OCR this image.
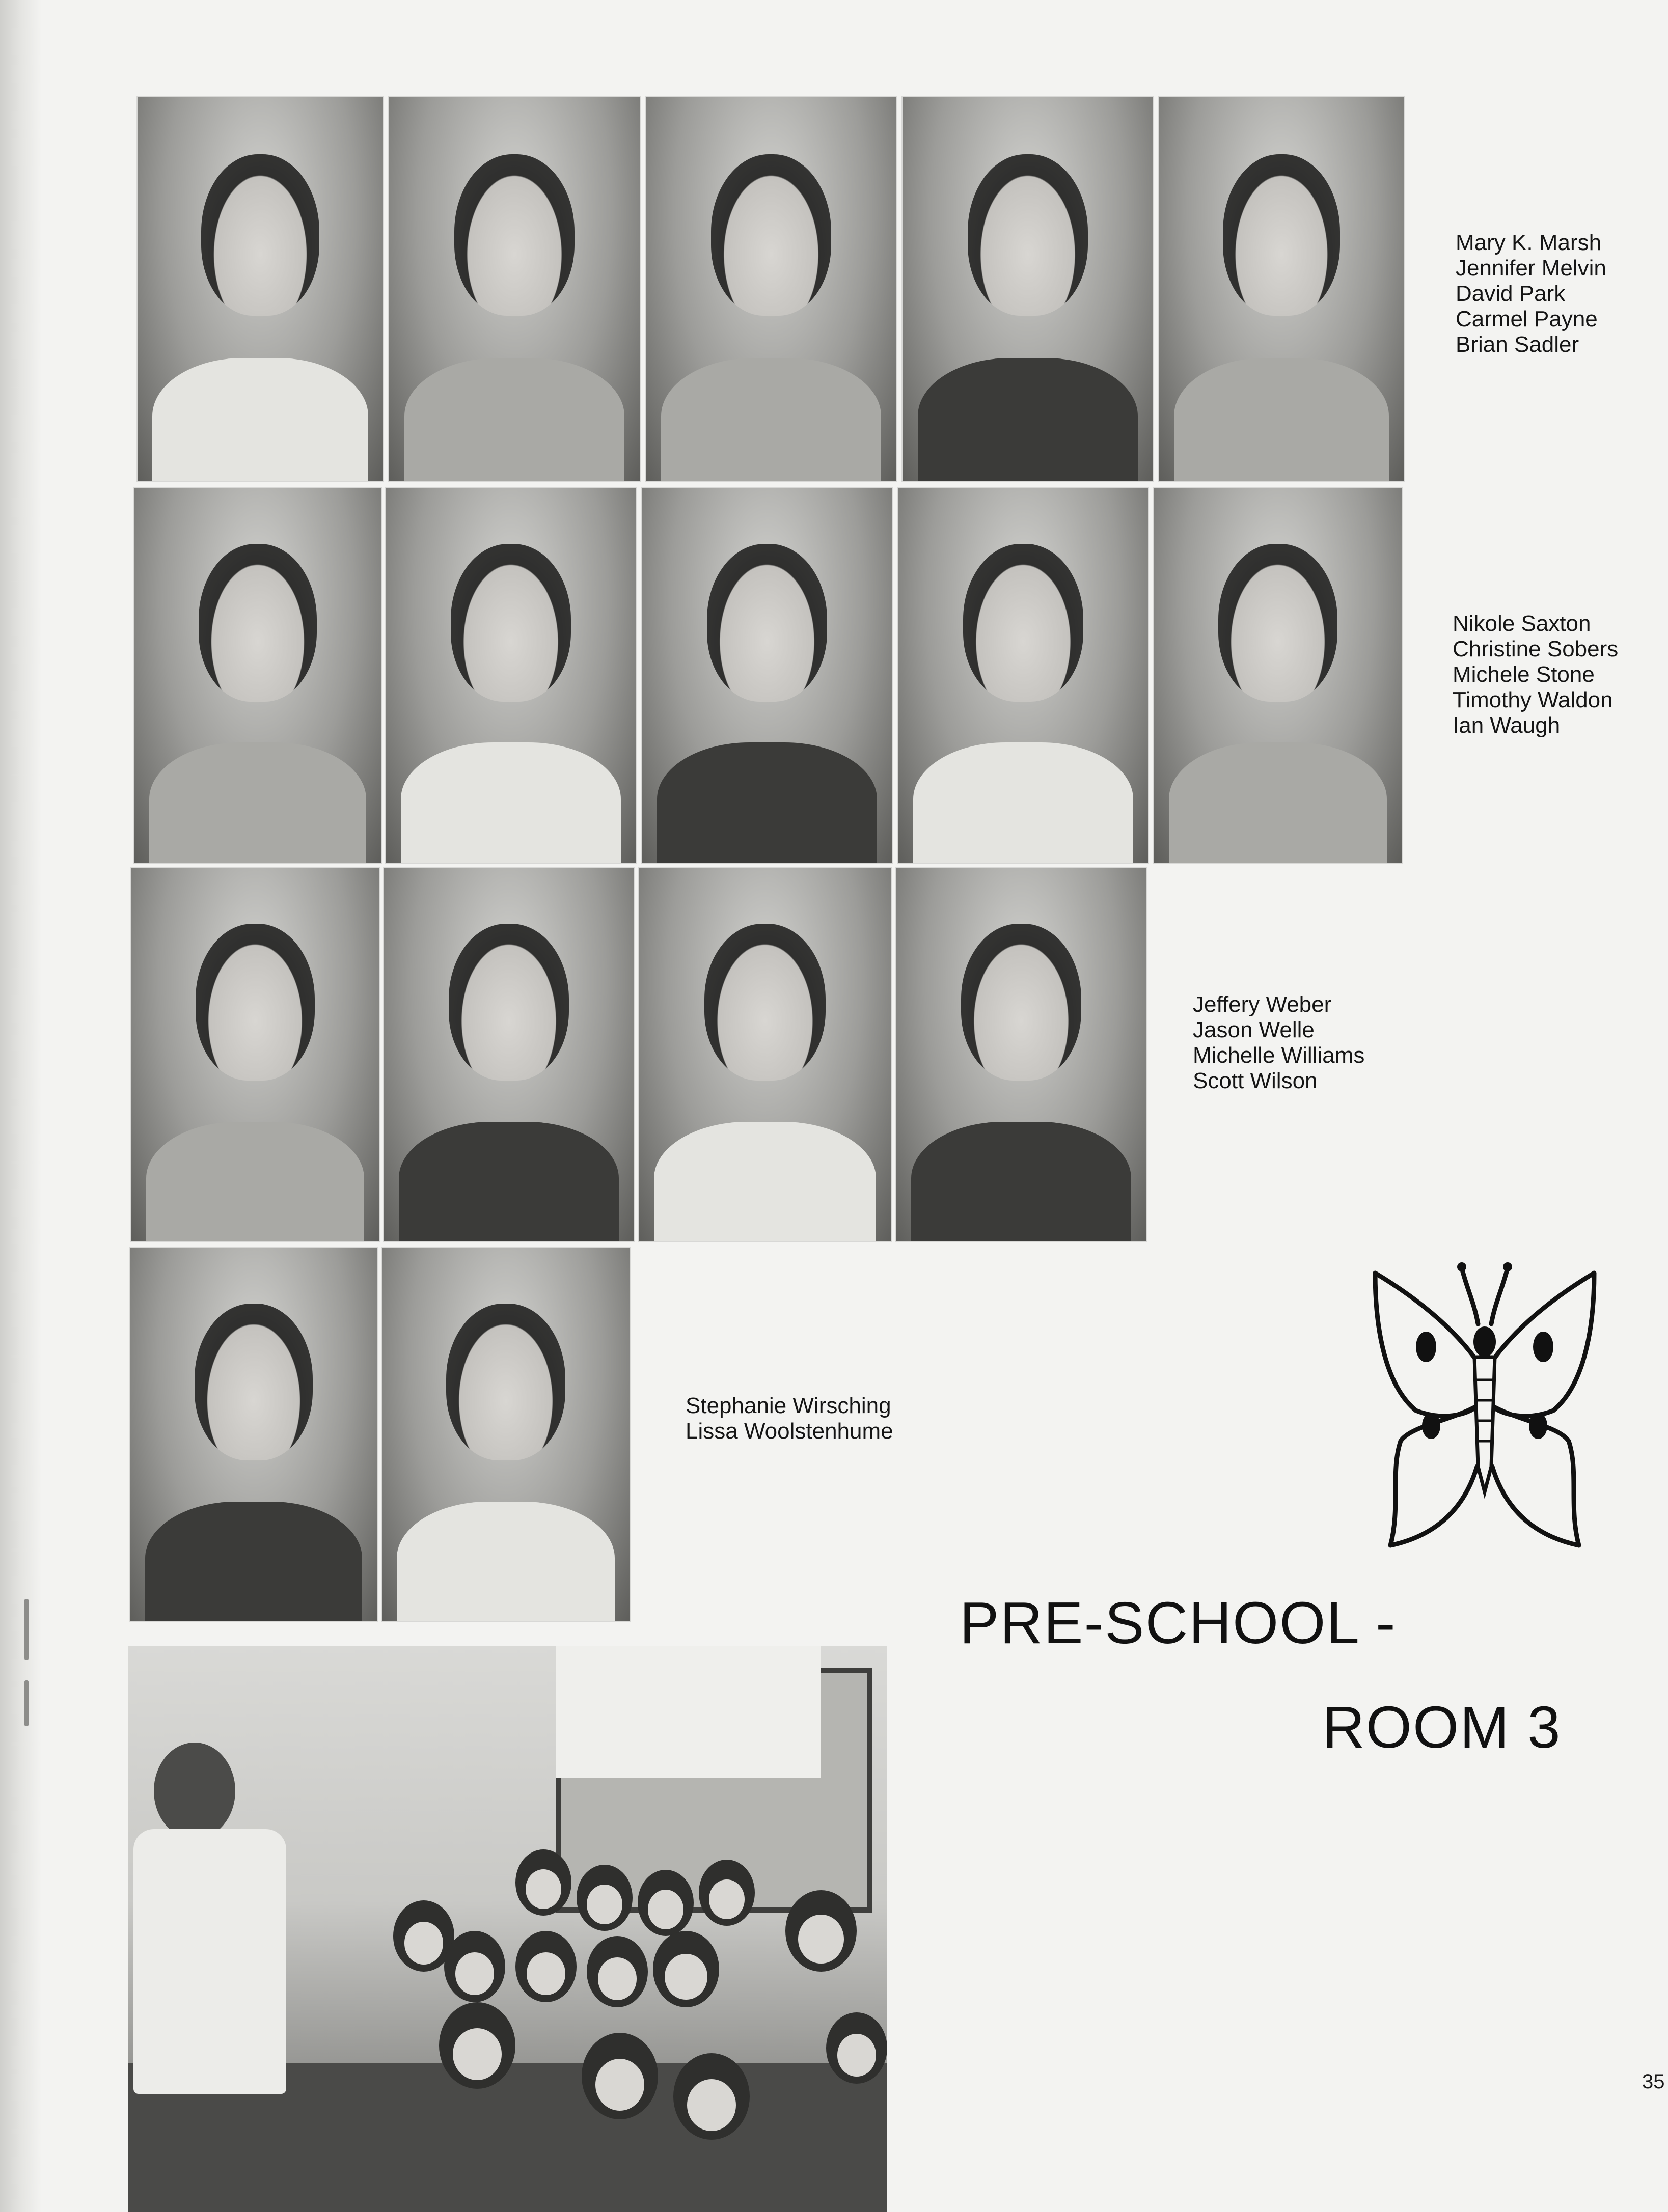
Mary K. Marsh
Jennifer Melvin
David Park
Carmel Payne
Brian Sadler
Nikole Saxton
Christine Sobers
Michele Stone
Timothy Waldon
Ian Waugh
Jeffery Weber
Jason Welle
Michelle Williams
Scott Wilson
Stephanie Wirsching
Lissa Woolstenhume
PRE-SCHOOL -
ROOM 3
35
